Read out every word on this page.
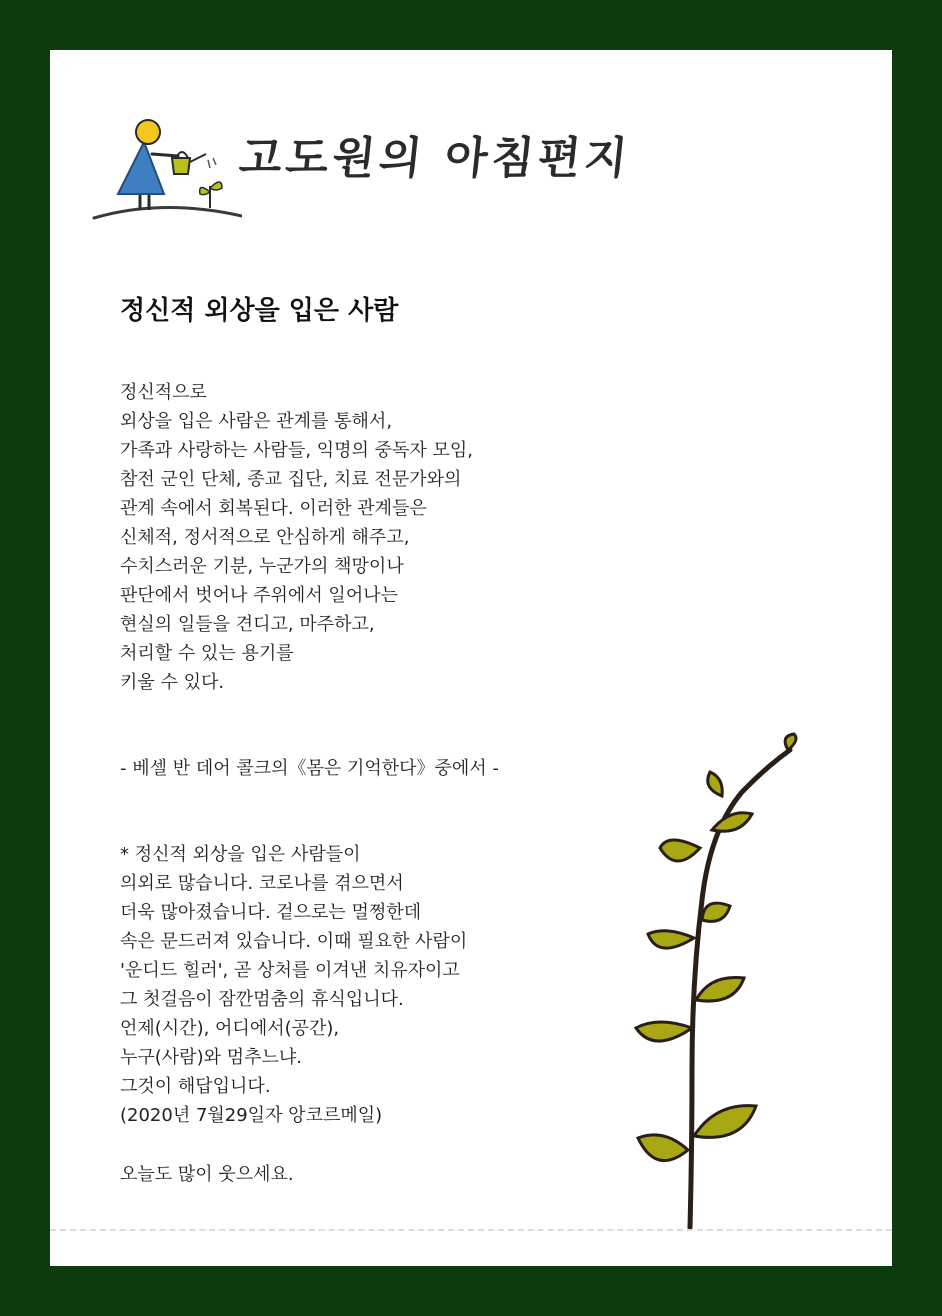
고도원의 아침편지
정신적 외상을 입은 사람
정신적으로
외상을 입은 사람은 관계를 통해서,
가족과 사랑하는 사람들, 익명의 중독자 모임,
참전 군인 단체, 종교 집단, 치료 전문가와의
관계 속에서 회복된다. 이러한 관계들은
신체적, 정서적으로 안심하게 해주고,
수치스러운 기분, 누군가의 책망이나
판단에서 벗어나 주위에서 일어나는
현실의 일들을 견디고, 마주하고,
처리할 수 있는 용기를
키울 수 있다.
- 베셀 반 데어 콜크의《몸은 기억한다》중에서 -
* 정신적 외상을 입은 사람들이
의외로 많습니다. 코로나를 겪으면서
더욱 많아졌습니다. 겉으로는 멀쩡한데
속은 문드러져 있습니다. 이때 필요한 사람이
'운디드 힐러', 곧 상처를 이겨낸 치유자이고
그 첫걸음이 잠깐멈춤의 휴식입니다.
언제(시간), 어디에서(공간),
누구(사람)와 멈추느냐.
그것이 해답입니다.
(2020년 7월29일자 앙코르메일)
오늘도 많이 웃으세요.
